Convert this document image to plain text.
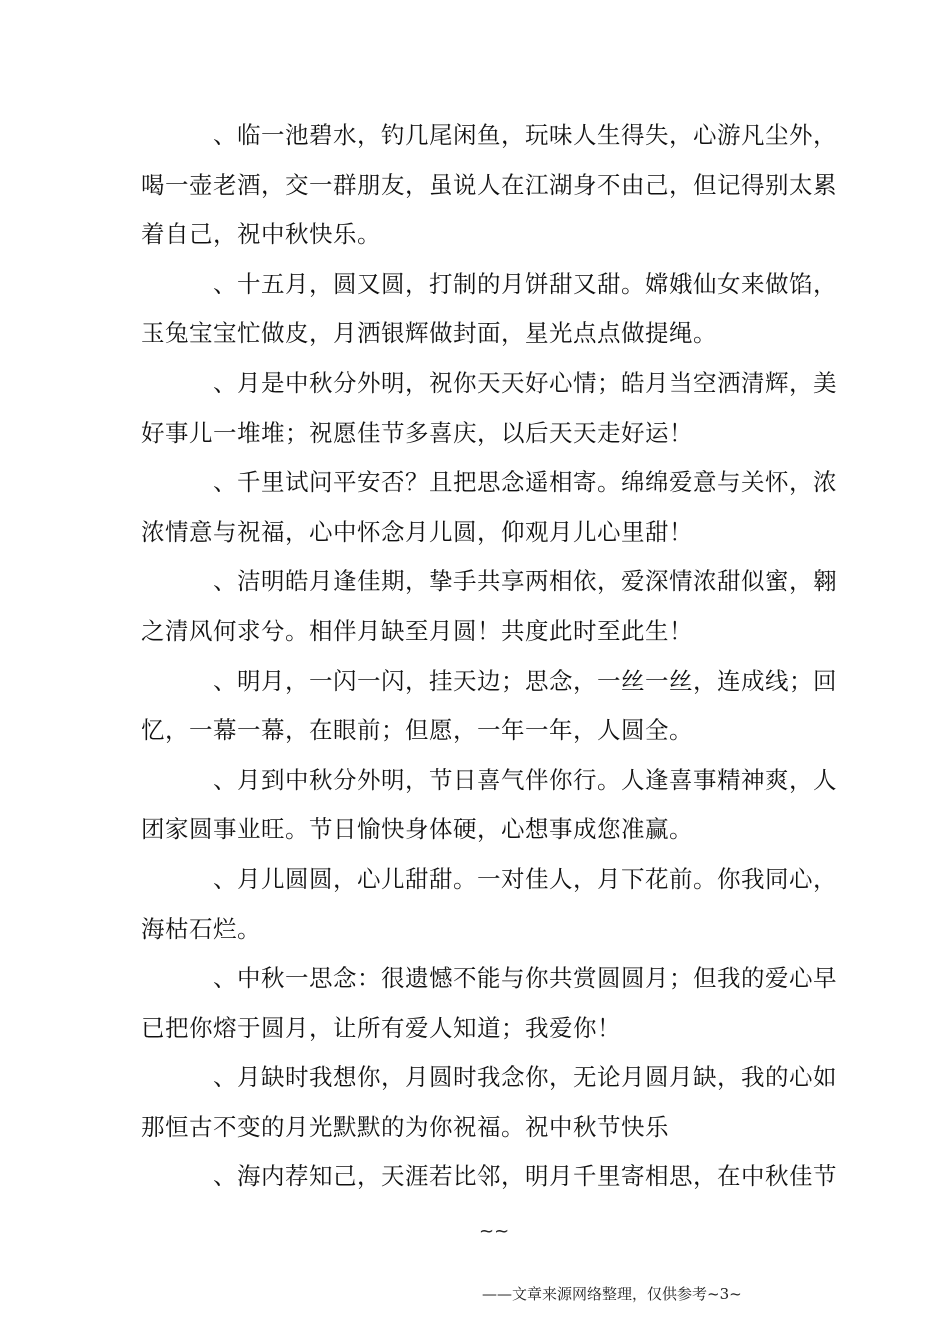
、临一池碧水，钓几尾闲鱼，玩味人生得失，心游凡尘外，
喝一壶老酒，交一群朋友，虽说人在江湖身不由己，但记得别太累
着自己，祝中秋快乐。
、十五月，圆又圆，打制的月饼甜又甜。嫦娥仙女来做馅，
玉兔宝宝忙做皮，月洒银辉做封面，星光点点做提绳。
、月是中秋分外明，祝你天天好心情；皓月当空洒清辉，美
好事儿一堆堆；祝愿佳节多喜庆，以后天天走好运！
、千里试问平安否？且把思念遥相寄。绵绵爱意与关怀，浓
浓情意与祝福，心中怀念月儿圆，仰观月儿心里甜！
、洁明皓月逢佳期，挚手共享两相依，爱深情浓甜似蜜，翱
之清风何求兮。相伴月缺至月圆！共度此时至此生！
、明月，一闪一闪，挂天边；思念，一丝一丝，连成线；回
忆，一幕一幕，在眼前；但愿，一年一年，人圆全。
、月到中秋分外明，节日喜气伴你行。人逢喜事精神爽，人
团家圆事业旺。节日愉快身体硬，心想事成您准赢。
、月儿圆圆，心儿甜甜。一对佳人，月下花前。你我同心，
海枯石烂。
、中秋一思念：很遗憾不能与你共赏圆圆月；但我的爱心早
已把你熔于圆月，让所有爱人知道；我爱你！
、月缺时我想你，月圆时我念你，无论月圆月缺，我的心如
那恒古不变的月光默默的为你祝福。祝中秋节快乐
、海内荐知己，天涯若比邻，明月千里寄相思，在中秋佳节
~~
——文章来源网络整理，仅供参考~3~
